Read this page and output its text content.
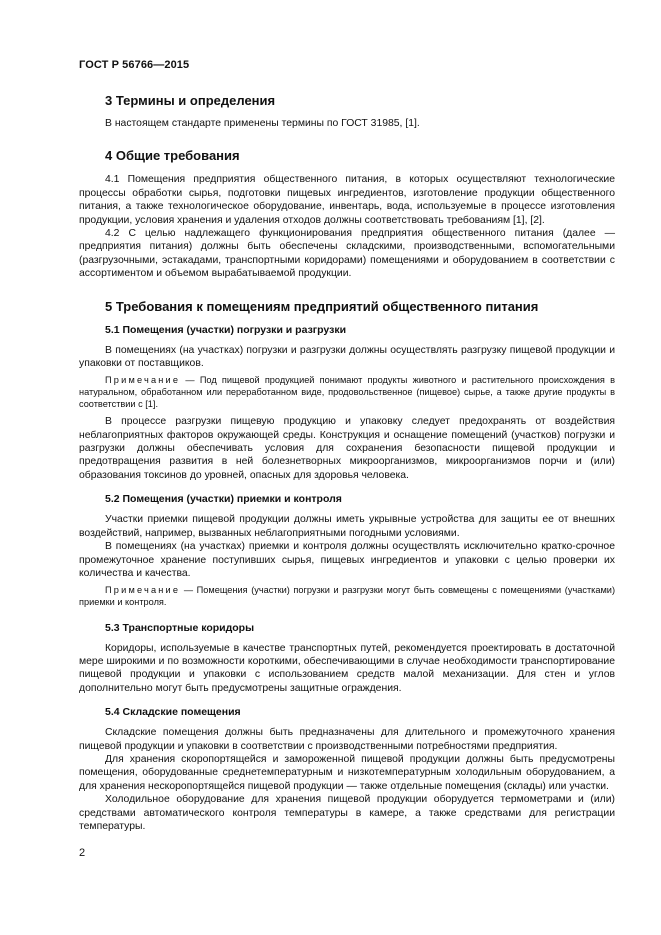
ГОСТ Р 56766—2015
3 Термины и определения

В настоящем стандарте применены термины по ГОСТ 31985, [1].

4 Общие требования

4.1 Помещения предприятия общественного питания, в которых осуществляют технологические процессы обработки сырья, подготовки пищевых ингредиентов, изготовление продукции общественного питания, а также технологическое оборудование, инвентарь, вода, используемые в процессе изготовления продукции, условия хранения и удаления отходов должны соответствовать требованиям [1], [2].

4.2 С целью надлежащего функционирования предприятия общественного питания (далее — предприятия питания) должны быть обеспечены складскими, производственными, вспомогательными (разгрузочными, эстакадами, транспортными коридорами) помещениями и оборудованием в соответствии с ассортиментом и объемом вырабатываемой продукции.

5 Требования к помещениям предприятий общественного питания
5.1 Помещения (участки) погрузки и разгрузки

В помещениях (на участках) погрузки и разгрузки должны осуществлять разгрузку пищевой продукции и упаковки от поставщиков.

Примечание — Под пищевой продукцией понимают продукты животного и растительного происхождения в натуральном, обработанном или переработанном виде, продовольственное (пищевое) сырье, а также другие продукты в соответствии с [1].

В процессе разгрузки пищевую продукцию и упаковку следует предохранять от воздействия неблагоприятных факторов окружающей среды. Конструкция и оснащение помещений (участков) погрузки и разгрузки должны обеспечивать условия для сохранения безопасности пищевой продукции и предотвращения развития в ней болезнетворных микроорганизмов, микроорганизмов порчи и (или) образования токсинов до уровней, опасных для здоровья человека.

5.2 Помещения (участки) приемки и контроля

Участки приемки пищевой продукции должны иметь укрывные устройства для защиты ее от внешних воздействий, например, вызванных неблагоприятными погодными условиями.

В помещениях (на участках) приемки и контроля должны осуществлять исключительно кратко-срочное промежуточное хранение поступивших сырья, пищевых ингредиентов и упаковки с целью проверки их количества и качества.

Примечание — Помещения (участки) погрузки и разгрузки могут быть совмещены с помещениями (участками) приемки и контроля.

5.3 Транспортные коридоры

Коридоры, используемые в качестве транспортных путей, рекомендуется проектировать в достаточной мере широкими и по возможности короткими, обеспечивающими в случае необходимости транспортирование пищевой продукции и упаковки с использованием средств малой механизации. Для стен и углов дополнительно могут быть предусмотрены защитные ограждения.

5.4 Складские помещения

Складские помещения должны быть предназначены для длительного и промежуточного хранения пищевой продукции и упаковки в соответствии с производственными потребностями предприятия.

Для хранения скоропортящейся и замороженной пищевой продукции должны быть предусмотрены помещения, оборудованные среднетемпературным и низкотемпературным холодильным оборудованием, а для хранения нескоропортящейся пищевой продукции — также отдельные помещения (склады) или участки.

Холодильное оборудование для хранения пищевой продукции оборудуется термометрами и (или) средствами автоматического контроля температуры в камере, а также средствами для регистрации температуры.

2
